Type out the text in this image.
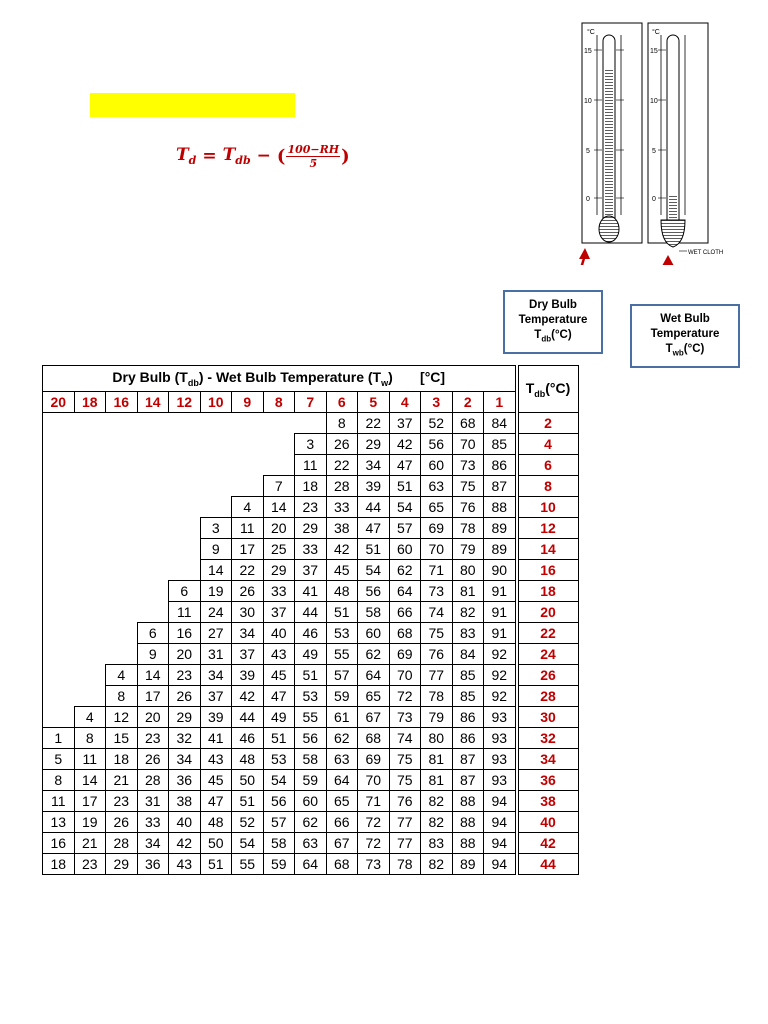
$T_d = T_{db}$ − ( $\frac{100-RH}{5}$ )
°C
15
10
5
0
°C
15
10
5
0
WET CLOTH
Dry Bulb
Temperature
$T_{db}(^\circ C)$
Wet Bulb
Temperature
$T_{wb}(^\circ C)$
Dry Bulb $(T_{db})$ - Wet Bulb Temperature $(T_w)$ [°C]																$T_{db}(^\circ C)$
20	18	16	14	12	10	9	8	7	6	5	4	3	2	1		
									8	22	37	52	68	84		2
								3	26	29	42	56	70	85		4
								11	22	34	47	60	73	86		6
							7	18	28	39	51	63	75	87		8
						4	14	23	33	44	54	65	76	88		10
					3	11	20	29	38	47	57	69	78	89		12
					9	17	25	33	42	51	60	70	79	89		14
					14	22	29	37	45	54	62	71	80	90		16
				6	19	26	33	41	48	56	64	73	81	91		18
				11	24	30	37	44	51	58	66	74	82	91		20
			6	16	27	34	40	46	53	60	68	75	83	91		22
			9	20	31	37	43	49	55	62	69	76	84	92		24
		4	14	23	34	39	45	51	57	64	70	77	85	92		26
		8	17	26	37	42	47	53	59	65	72	78	85	92		28
	4	12	20	29	39	44	49	55	61	67	73	79	86	93		30
1	8	15	23	32	41	46	51	56	62	68	74	80	86	93		32
5	11	18	26	34	43	48	53	58	63	69	75	81	87	93		34
8	14	21	28	36	45	50	54	59	64	70	75	81	87	93		36
11	17	23	31	38	47	51	56	60	65	71	76	82	88	94		38
13	19	26	33	40	48	52	57	62	66	72	77	82	88	94		40
16	21	28	34	42	50	54	58	63	67	72	77	83	88	94		42
18	23	29	36	43	51	55	59	64	68	73	78	82	89	94		44
